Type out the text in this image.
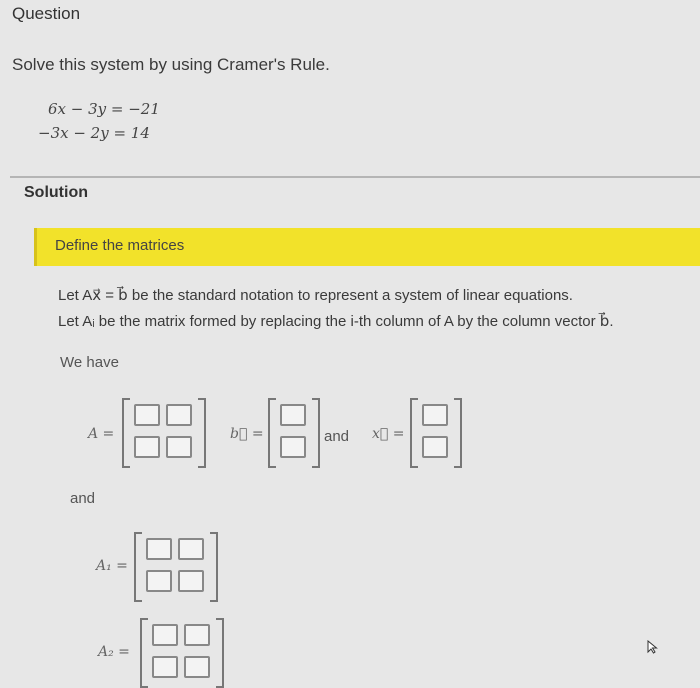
Question
Solve this system by using Cramer's Rule.
6x − 3y = −21
−3x − 2y = 14
Solution
Define the matrices
Let Ax⃗ = b⃗ be the standard notation to represent a system of linear equations.
Let Aᵢ be the matrix formed by replacing the i-th column of A by the column vector b⃗.
We have
A =	b⃗ =	and x⃗ =
and
A₁ =
A₂ =
